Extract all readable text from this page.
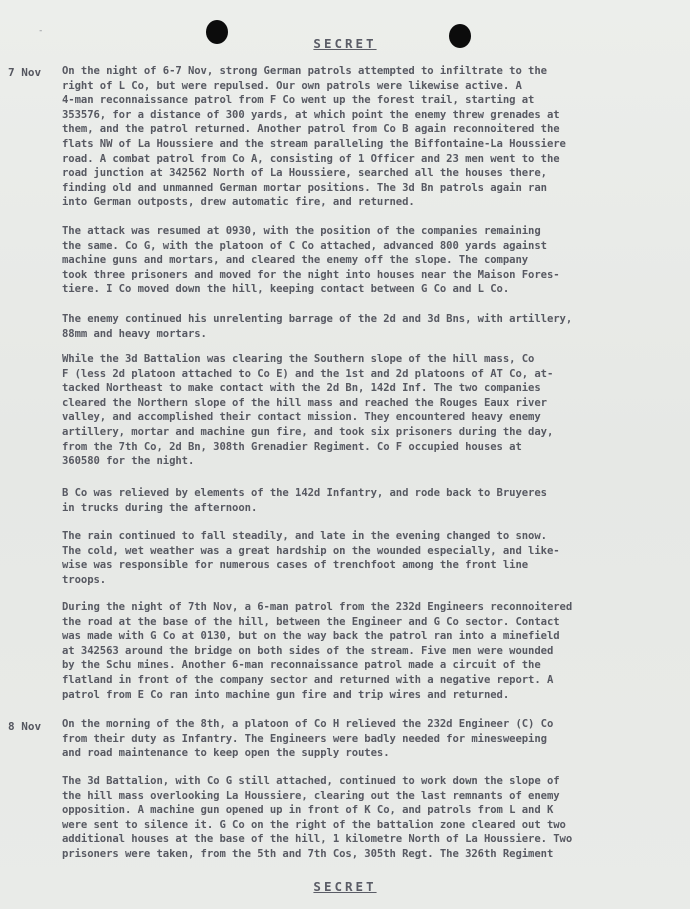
-
SECRET
7 Nov On the night of 6-7 Nov, strong German patrols attempted to infiltrate to the
right of L Co, but were repulsed. Our own patrols were likewise active. A
4-man reconnaissance patrol from F Co went up the forest trail, starting at
353576, for a distance of 300 yards, at which point the enemy threw grenades at
them, and the patrol returned. Another patrol from Co B again reconnoitered the
flats NW of La Houssiere and the stream paralleling the Biffontaine-La Houssiere
road. A combat patrol from Co A, consisting of 1 Officer and 23 men went to the
road junction at 342562 North of La Houssiere, searched all the houses there,
finding old and unmanned German mortar positions. The 3d Bn patrols again ran
into German outposts, drew automatic fire, and returned.

The attack was resumed at 0930, with the position of the companies remaining
the same. Co G, with the platoon of C Co attached, advanced 800 yards against
machine guns and mortars, and cleared the enemy off the slope. The company
took three prisoners and moved for the night into houses near the Maison Fores-
tiere. I Co moved down the hill, keeping contact between G Co and L Co.

The enemy continued his unrelenting barrage of the 2d and 3d Bns, with artillery,
88mm and heavy mortars.

While the 3d Battalion was clearing the Southern slope of the hill mass, Co
F (less 2d platoon attached to Co E) and the 1st and 2d platoons of AT Co, at-
tacked Northeast to make contact with the 2d Bn, 142d Inf. The two companies
cleared the Northern slope of the hill mass and reached the Rouges Eaux river
valley, and accomplished their contact mission. They encountered heavy enemy
artillery, mortar and machine gun fire, and took six prisoners during the day,
from the 7th Co, 2d Bn, 308th Grenadier Regiment. Co F occupied houses at
360580 for the night.

B Co was relieved by elements of the 142d Infantry, and rode back to Bruyeres
in trucks during the afternoon.

The rain continued to fall steadily, and late in the evening changed to snow.
The cold, wet weather was a great hardship on the wounded especially, and like-
wise was responsible for numerous cases of trenchfoot among the front line
troops.

During the night of 7th Nov, a 6-man patrol from the 232d Engineers reconnoitered
the road at the base of the hill, between the Engineer and G Co sector. Contact
was made with G Co at 0130, but on the way back the patrol ran into a minefield
at 342563 around the bridge on both sides of the stream. Five men were wounded
by the Schu mines. Another 6-man reconnaissance patrol made a circuit of the
flatland in front of the company sector and returned with a negative report. A
patrol from E Co ran into machine gun fire and trip wires and returned.

8 Nov On the morning of the 8th, a platoon of Co H relieved the 232d Engineer (C) Co
from their duty as Infantry. The Engineers were badly needed for minesweeping
and road maintenance to keep open the supply routes.

The 3d Battalion, with Co G still attached, continued to work down the slope of
the hill mass overlooking La Houssiere, clearing out the last remnants of enemy
opposition. A machine gun opened up in front of K Co, and patrols from L and K
were sent to silence it. G Co on the right of the battalion zone cleared out two
additional houses at the base of the hill, 1 kilometre North of La Houssiere. Two
prisoners were taken, from the 5th and 7th Cos, 305th Regt. The 326th Regiment

SECRET
